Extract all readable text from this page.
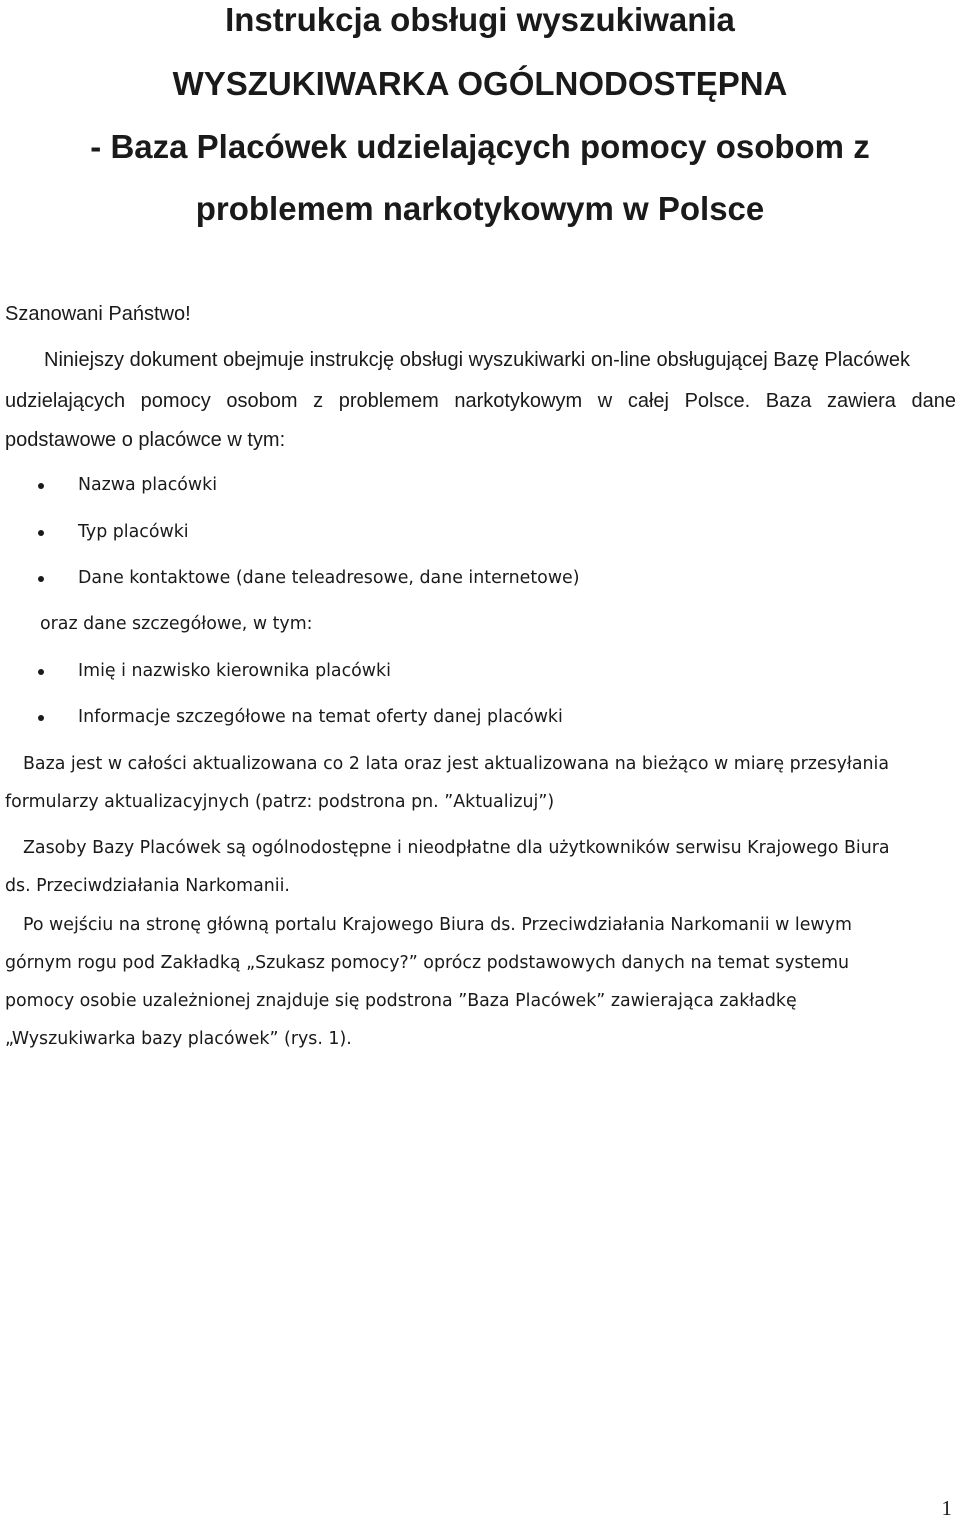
Instrukcja obsługi wyszukiwania
WYSZUKIWARKA OGÓLNODOSTĘPNA
- Baza Placówek udzielających pomocy osobom z
problemem narkotykowym w Polsce

Szanowani Państwo!

Niniejszy dokument obejmuje instrukcję obsługi wyszukiwarki on-line obsługującej Bazę Placówek

udzielających pomocy osobom z problemem narkotykowym w całej Polsce. Baza zawiera dane

podstawowe o placówce w tym:

Nazwa placówki
Typ placówki
Dane kontaktowe (dane teleadresowe, dane internetowe)

oraz dane szczegółowe, w tym:

Imię i nazwisko kierownika placówki
Informacje szczegółowe na temat oferty danej placówki

Baza jest w całości aktualizowana co 2 lata oraz jest aktualizowana na bieżąco w miarę przesyłania

formularzy aktualizacyjnych (patrz: podstrona pn. ”Aktualizuj”)

Zasoby Bazy Placówek są ogólnodostępne i nieodpłatne dla użytkowników serwisu Krajowego Biura

ds. Przeciwdziałania Narkomanii.

Po wejściu na stronę główną portalu Krajowego Biura ds. Przeciwdziałania Narkomanii w lewym

górnym rogu pod Zakładką „Szukasz pomocy?” oprócz podstawowych danych na temat systemu

pomocy osobie uzależnionej znajduje się podstrona ”Baza Placówek” zawierająca zakładkę

„Wyszukiwarka bazy placówek” (rys. 1).

1
